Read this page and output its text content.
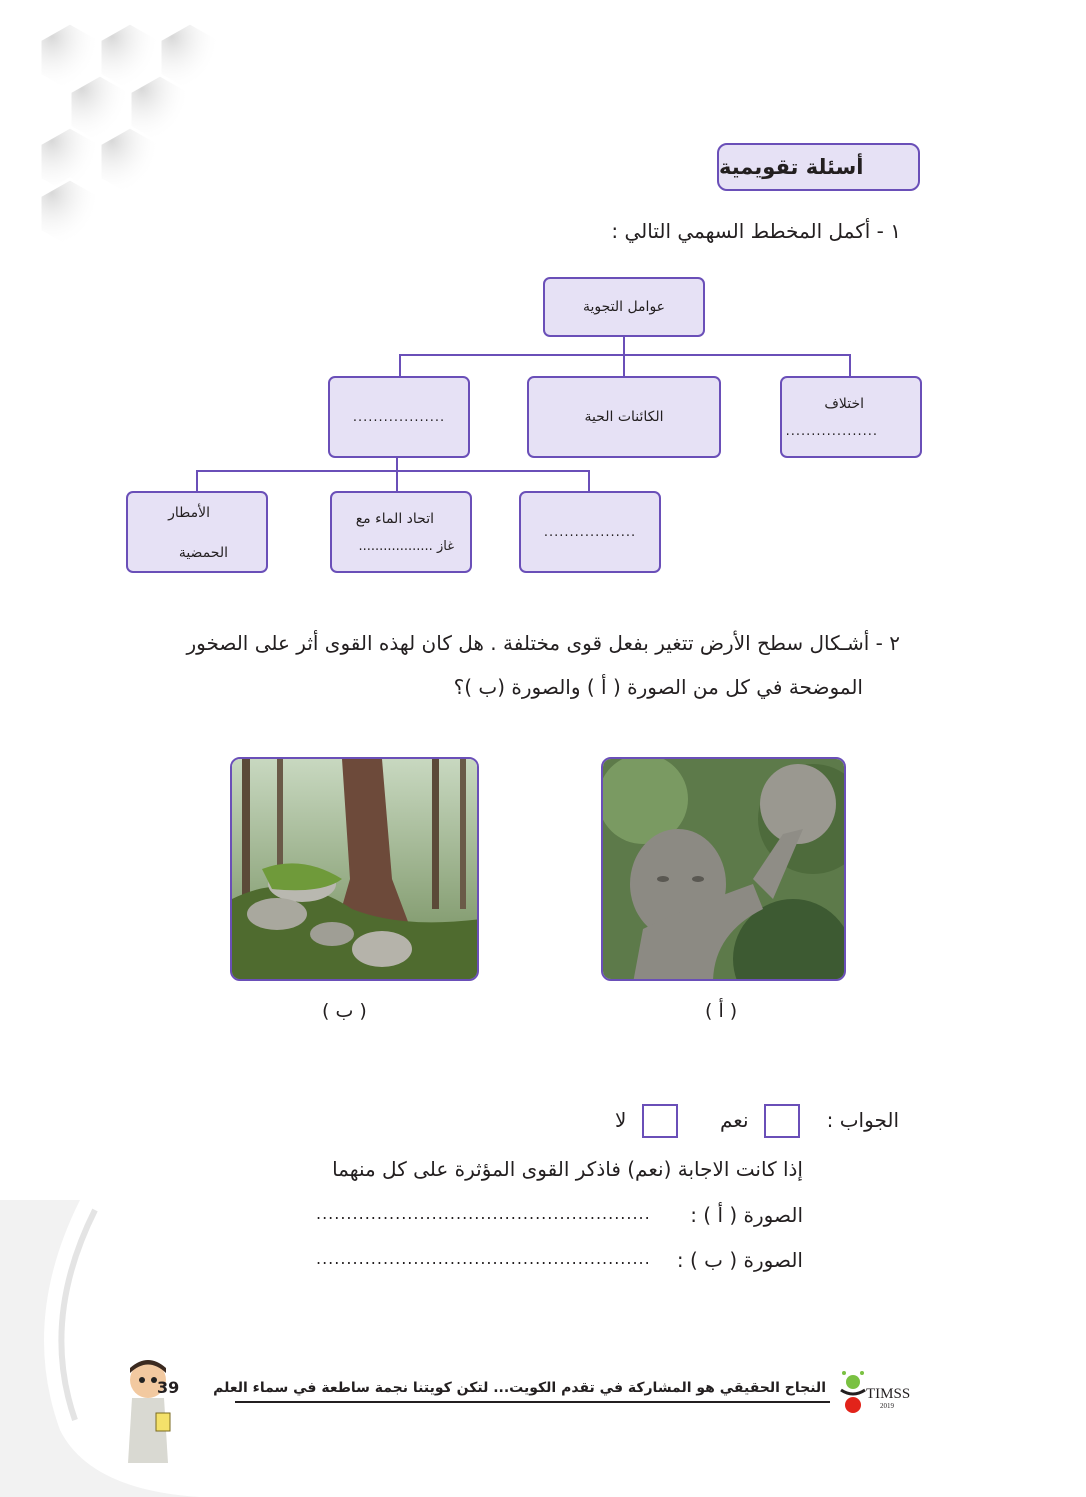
أسئلة تقويمية
١ - أكمل المخطط السهمي التالي :
عوامل التجوية
اختلاف
..................
الكائنات الحية
..................
الأمطار
الحمضية
اتحاد الماء مع
غاز ..................
..................
٢ - أشـكال سطح الأرض تتغير بفعل قوى مختلفة . هل كان لهذه القوى أثر على الصخور
الموضحة في كل من الصورة ( أ ) والصورة (ب )؟
( ب )	( أ )
الجواب :
نعم
لا
إذا كانت الاجابة (نعم) فاذكر القوى المؤثرة على كل منهما
الصورة ( أ ) :
.......................................................
الصورة ( ب ) :
.......................................................
39 النجاح الحقيقي هو المشاركة في تقدم الكويت... لتكن كويتنا نجمة ساطعة في سماء العلم	TIMSS
2019
